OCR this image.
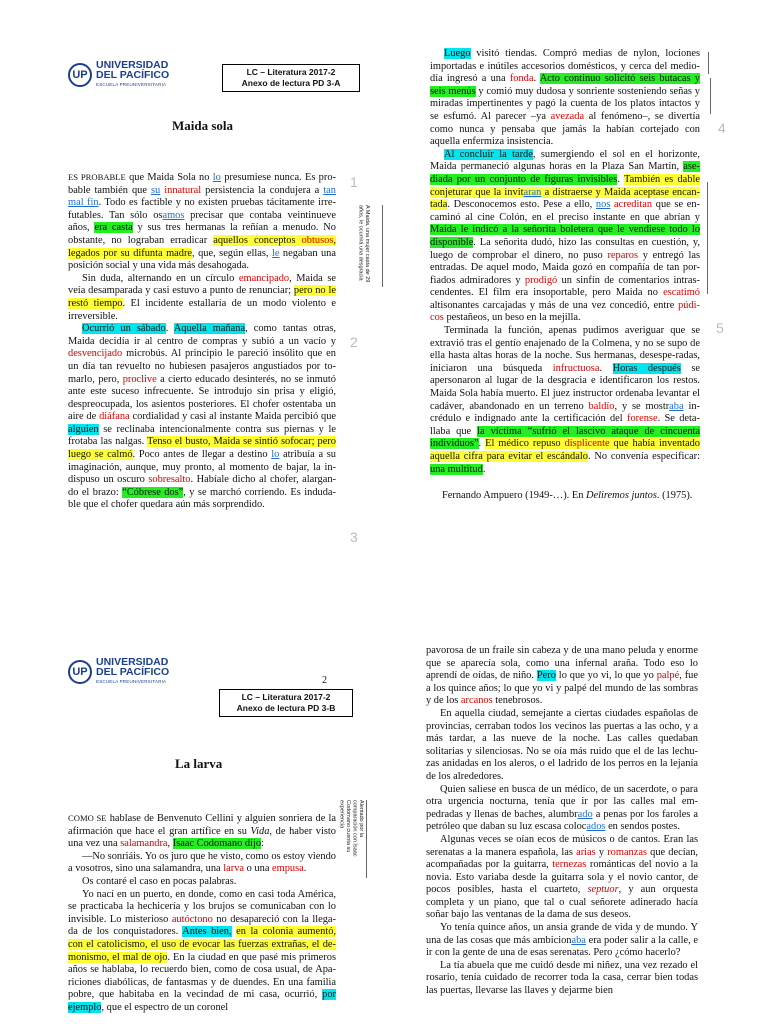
UP
UNIVERSIDAD
DEL PACÍFICO
ESCUELA PREUNIVERSITARIA
LC – Literatura 2017-2
Anexo de lectura PD 3-A
Maida sola

ES PROBABLE que Maida Sola no lo presumiese nunca. Es pro-bable también que su innatural persistencia la condujera a tan mal fin. Todo es factible y no existen pruebas tácitamente irre-futables. Tan sólo osamos precisar que contaba veintinueve años, era casta y sus tres hermanas la reñían a menudo. No obstante, no lograban erradicar aquellos conceptos obtusos, legados por su difunta madre, que, según ellas, le negaban una posición social y una vida más desahogada.

Sin duda, alternando en un círculo emancipado, Maida se veía desamparada y casi estuvo a punto de renunciar; pero no le restó tiempo. El incidente estallaría de un modo violento e irreversible.

Ocurrió un sábado. Aquella mañana, como tantas otras, Maida decidía ir al centro de compras y subió a un vacío y desvencijado microbús. Al principio le pareció insólito que en un día tan revuelto no hubiesen pasajeros angustiados por to-marlo, pero, proclive a cierto educado desinterés, no se inmutó ante este suceso infrecuente. Se introdujo sin prisa y eligió, despreocupada, los asientos posteriores. El chofer ostentaba un aire de diáfana cordialidad y casi al instante Maida percibió que alguien se reclinaba intencionalmente contra sus piernas y le frotaba las nalgas. Tenso el busto, Maida se sintió sofocar; pero luego se calmó. Poco antes de llegar a destino lo atribuía a su imaginación, aunque, muy pronto, al momento de bajar, la in-dispuso un oscuro sobresalto. Habíale dicho al chofer, alargan-do el brazo: “Cóbrese dos”, y se marchó corriendo. Es induda-ble que el chofer quedara aún más sorprendido.

1
2
3
A Maida, una mujer casta de 29 años, le ocurrirá una desgracia

Luego visitó tiendas. Compró medias de nylon, lociones importadas e inútiles accesorios domésticos, y cerca del medio-día ingresó a una fonda. Acto continuo solicitó seis butacas y seis menús y comió muy dudosa y sonriente sosteniendo señas y miradas impertinentes y pagó la cuenta de los platos intactos y se esfumó. Al parecer –ya avezada al fenómeno–, se divertía como nunca y pensaba que jamás la habían cortejado con aquella enfermiza insistencia.

Al concluir la tarde, sumergiendo el sol en el horizonte, Maida permaneció algunas horas en la Plaza San Martín, ase-diada por un conjunto de figuras invisibles. También es dable conjeturar que la invitaran a distraerse y Maida aceptase encan-tada. Desconocemos esto. Pese a ello, nos acreditan que se en-caminó al cine Colón, en el preciso instante en que abrían y Maida le indicó a la señorita boletera que le vendiese todo lo disponible. La señorita dudó, hizo las consultas en cuestión, y, luego de comprobar el dinero, no puso reparos y entregó las entradas. De aquel modo, Maida gozó en compañía de tan por-fiados admiradores y prodigó un sinfín de comentarios intras-cendentes. El film era insoportable, pero Maida no escatimó altisonantes carcajadas y más de una vez concedió, entre púdi-cos pestañeos, un beso en la mejilla.

Terminada la función, apenas pudimos averiguar que se extravió tras el gentío enajenado de la Colmena, y no se supo de ella hasta altas horas de la noche. Sus hermanas, desespe-radas, iniciaron una búsqueda infructuosa. Horas después se apersonaron al lugar de la desgracia e identificaron los restos. Maida Sola había muerto. El juez instructor ordenaba levantar el cadáver, abandonado en un terreno baldío, y se mostraba in-crédulo e indignado ante la certificación del forense. Se deta-llaba que la víctima “sufrió el lascivo ataque de cincuenta individuos”. El médico repuso displicente que había inventado aquella cifra para evitar el escándalo. No convenía especificar: una multitud.

4
5
Fernando Ampuero (1949-…). En Deliremos juntos. (1975).
UP
UNIVERSIDAD
DEL PACÍFICO
ESCUELA PREUNIVERSITARIA	2
LC – Literatura 2017-2
Anexo de lectura PD 3-B
La larva

COMO SE hablase de Benvenuto Cellini y alguien sonriera de la afirmación que hace el gran artífice en su Vida, de haber visto una vez una salamandra, Isaac Codomano dijo:

—No sonriáis. Yo os juro que he visto, como os estoy viendo a vosotros, sino una salamandra, una larva o una empusa.

Os contaré el caso en pocas palabras.

Yo nací en un puerto, en donde, como en casi toda América, se practicaba la hechicería y los brujos se comunicaban con lo invisible. Lo misterioso autóctono no desapareció con la llega-da de los conquistadores. Antes bien, en la colonia aumentó, con el catolicismo, el uso de evocar las fuerzas extrañas, el de-monismo, el mal de ojo. En la ciudad en que pasé mis primeros años se hablaba, lo recuerdo bien, como de cosa usual, de Apa-riciones diabólicas, de fantasmas y de duendes. En una familia pobre, que habitaba en la vecindad de mi casa, ocurrió, por ejemplo, que el espectro de un coronel

Alentado por la comparación con Isaac Codomano cuenta su experiencia

pavorosa de un fraile sin cabeza y de una mano peluda y enorme que se aparecía sola, como una infernal araña. Todo eso lo aprendí de oídas, de niño. Pero lo que yo vi, lo que yo palpé, fue a los quince años; lo que yo vi y palpé del mundo de las sombras y de los arcanos tenebrosos.

En aquella ciudad, semejante a ciertas ciudades españolas de provincias, cerraban todos los vecinos las puertas a las ocho, y a más tardar, a las nueve de la noche. Las calles quedaban solitarias y silenciosas. No se oía más ruido que el de las lechu-zas anidadas en los aleros, o el ladrido de los perros en la lejanía de los alrededores.

Quien saliese en busca de un médico, de un sacerdote, o para otra urgencia nocturna, tenía que ir por las calles mal em-pedradas y llenas de baches, alumbrado a penas por los faroles a petróleo que daban su luz escasa colocados en sendos postes.

Algunas veces se oían ecos de músicos o de cantos. Eran las serenatas a la manera española, las arias y romanzas que decían, acompañadas por la guitarra, ternezas románticas del novio a la novia. Esto variaba desde la guitarra sola y el novio cantor, de pocos posibles, hasta el cuarteto, septuor, y aun orquesta completa y un piano, que tal o cual señorete adinerado hacía soñar bajo las ventanas de la dama de sus deseos.

Yo tenía quince años, un ansia grande de vida y de mundo. Y una de las cosas que más ambicionaba era poder salir a la calle, e ir con la gente de una de esas serenatas. Pero ¿cómo hacerlo?

La tía abuela que me cuidó desde mi niñez, una vez rezado el rosario, tenía cuidado de recorrer toda la casa, cerrar bien todas las puertas, llevarse las llaves y dejarme bien
